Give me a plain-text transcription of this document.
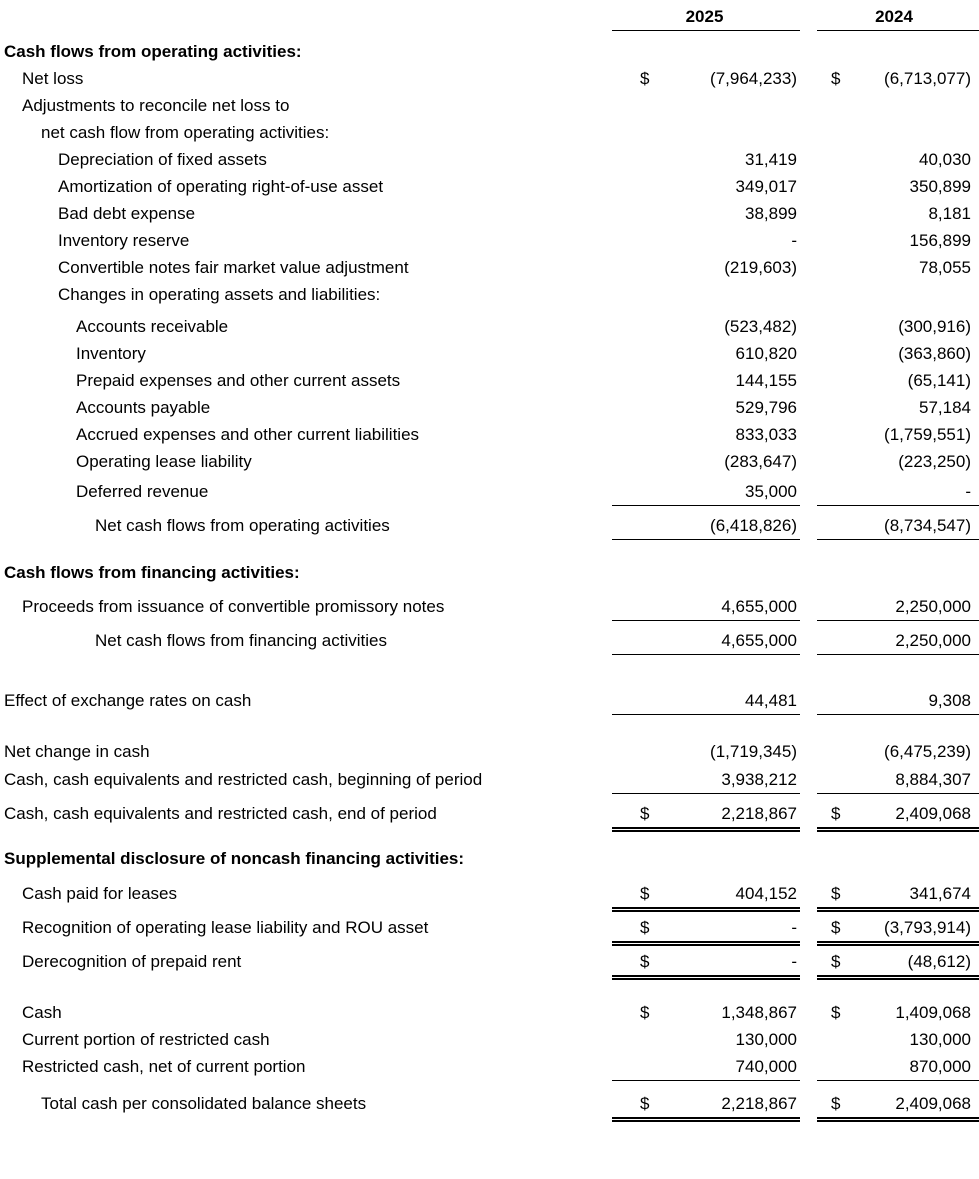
2025	2024
Cash flows from operating activities:
Net loss	$	(7,964,233) $	(6,713,077)
Adjustments to reconcile net loss to
net cash flow from operating activities:
Depreciation of fixed assets	31,419	40,030
Amortization of operating right-of-use asset	349,017	350,899
Bad debt expense	38,899	8,181
Inventory reserve	-	156,899
Convertible notes fair market value adjustment	(219,603)	78,055
Changes in operating assets and liabilities:
Accounts receivable	(523,482)	(300,916)
Inventory	610,820	(363,860)
Prepaid expenses and other current assets	144,155	(65,141)
Accounts payable	529,796	57,184
Accrued expenses and other current liabilities	833,033	(1,759,551)
Operating lease liability	(283,647)	(223,250)
Deferred revenue	35,000	-
Net cash flows from operating activities	(6,418,826)	(8,734,547)
Cash flows from financing activities:
Proceeds from issuance of convertible promissory notes	4,655,000	2,250,000
Net cash flows from financing activities	4,655,000	2,250,000
Effect of exchange rates on cash	44,481	9,308
Net change in cash	(1,719,345)	(6,475,239)
Cash, cash equivalents and restricted cash, beginning of period	3,938,212	8,884,307
Cash, cash equivalents and restricted cash, end of period	$	2,218,867 $	2,409,068
Supplemental disclosure of noncash financing activities:
Cash paid for leases	$	404,152 $	341,674
Recognition of operating lease liability and ROU asset	$	- $	(3,793,914)
Derecognition of prepaid rent	$	- $	(48,612)
Cash	$	1,348,867 $	1,409,068
Current portion of restricted cash	130,000	130,000
Restricted cash, net of current portion	740,000	870,000
Total cash per consolidated balance sheets	$	2,218,867 $	2,409,068
